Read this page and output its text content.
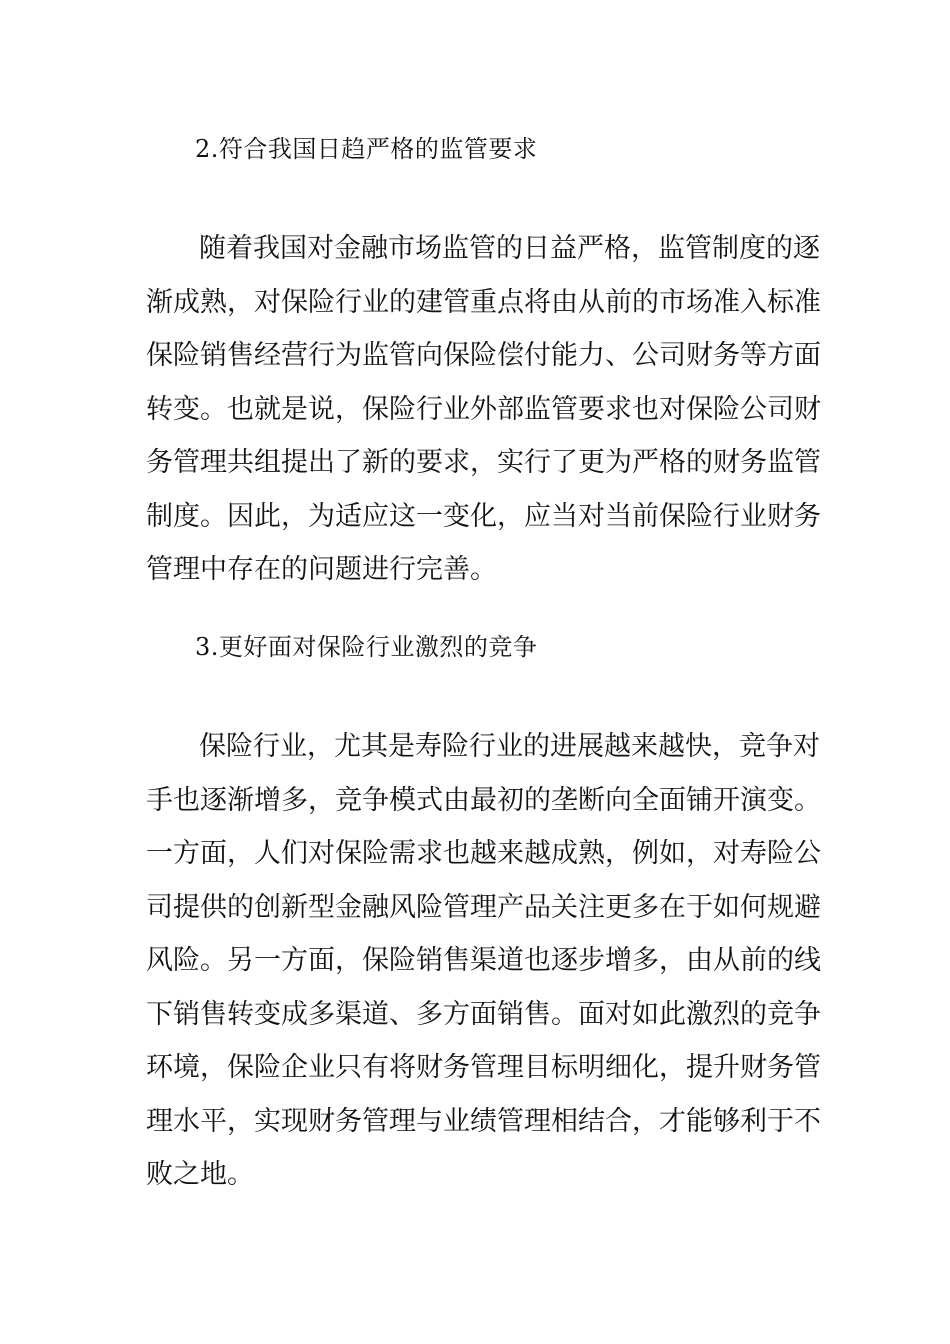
2.符合我国日趋严格的监管要求
随着我国对金融市场监管的日益严格，监管制度的逐
渐成熟，对保险行业的建管重点将由从前的市场准入标准
保险销售经营行为监管向保险偿付能力、公司财务等方面
转变。也就是说，保险行业外部监管要求也对保险公司财
务管理共组提出了新的要求，实行了更为严格的财务监管
制度。因此，为适应这一变化，应当对当前保险行业财务
管理中存在的问题进行完善。
3.更好面对保险行业激烈的竞争
保险行业，尤其是寿险行业的进展越来越快，竞争对
手也逐渐增多，竞争模式由最初的垄断向全面铺开演变。
一方面，人们对保险需求也越来越成熟，例如，对寿险公
司提供的创新型金融风险管理产品关注更多在于如何规避
风险。另一方面，保险销售渠道也逐步增多，由从前的线
下销售转变成多渠道、多方面销售。面对如此激烈的竞争
环境，保险企业只有将财务管理目标明细化，提升财务管
理水平，实现财务管理与业绩管理相结合，才能够利于不
败之地。
